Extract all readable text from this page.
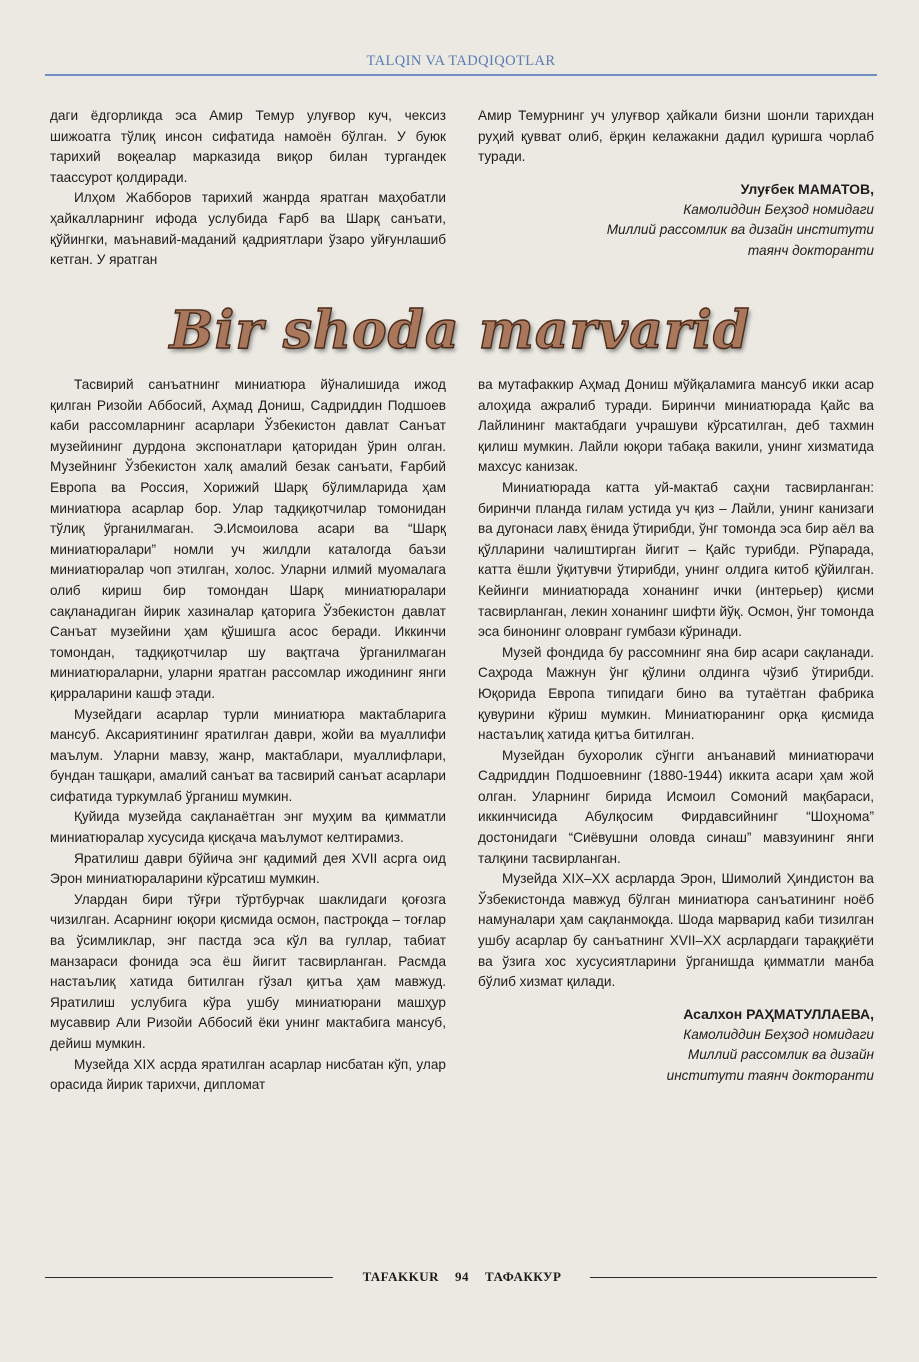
TALQIN VA TADQIQOTLAR

даги ёдгорликда эса Амир Темур улуғвор куч, чексиз шижоатга тўлиқ инсон сифатида намоён бўлган. У буюк тарихий воқеалар марказида виқор билан тургандек таассурот қолдиради.

Илҳом Жабборов тарихий жанрда яратган маҳобатли ҳайкалларнинг ифода услубида Ғарб ва Шарқ санъати, қўйингки, маънавий-маданий қадриятлари ўзаро уйғунлашиб кетган. У яратган

Амир Темурнинг уч улуғвор ҳайкали бизни шонли тарихдан руҳий қувват олиб, ёрқин келажакни дадил қуришга чорлаб туради.

Улуғбек МАМАТОВ,
Камолиддин Беҳзод номидаги
Миллий рассомлик ва дизайн институти
таянч докторанти
Bir shoda marvarid

Тасвирий санъатнинг миниатюра йўналишида ижод қилган Ризойи Аббосий, Аҳмад Дониш, Садриддин Подшоев каби рассомларнинг асарлари Ўзбекистон давлат Санъат музейининг дурдона экспонатлари қаторидан ўрин олган. Музейнинг Ўзбекистон халқ амалий безак санъати, Ғарбий Европа ва Россия, Хорижий Шарқ бўлимларида ҳам миниатюра асарлар бор. Улар тадқиқотчилар томонидан тўлиқ ўрганилмаган. Э.Исмоилова асари ва “Шарқ миниатюралари” номли уч жилдли каталогда баъзи миниатюралар чоп этилган, холос. Уларни илмий муомалага олиб кириш бир томондан Шарқ миниатюралари сақланадиган йирик хазиналар қаторига Ўзбекистон давлат Санъат музейини ҳам қўшишга асос беради. Иккинчи томондан, тадқиқотчилар шу вақтгача ўрганилмаган миниатюраларни, уларни яратган рассомлар ижодининг янги қирраларини кашф этади.

Музейдаги асарлар турли миниатюра мактабларига мансуб. Аксариятининг яратилган даври, жойи ва муаллифи маълум. Уларни мавзу, жанр, мактаблари, муаллифлари, бундан ташқари, амалий санъат ва тасвирий санъат асарлари сифатида туркумлаб ўрганиш мумкин.

Қуйида музейда сақланаётган энг муҳим ва қимматли миниатюралар хусусида қисқача маълумот келтирамиз.

Яратилиш даври бўйича энг қадимий дея XVII асрга оид Эрон миниатюраларини кўрсатиш мумкин.

Улардан бири тўғри тўртбурчак шаклидаги қоғозга чизилган. Асарнинг юқори қисмида осмон, пастроқда – тоғлар ва ўсимликлар, энг пастда эса кўл ва гуллар, табиат манзараси фонида эса ёш йигит тасвирланган. Расмда настаълиқ хатида битилган гўзал қитъа ҳам мавжуд. Яратилиш услубига кўра ушбу миниатюрани машҳур мусаввир Али Ризойи Аббосий ёки унинг мактабига мансуб, дейиш мумкин.

Музейда XIX асрда яратилган асарлар нисбатан кўп, улар орасида йирик тарихчи, дипломат

ва мутафаккир Аҳмад Дониш мўйқаламига мансуб икки асар алоҳида ажралиб туради. Биринчи миниатюрада Қайс ва Лайлининг мактабдаги учрашуви кўрсатилган, деб тахмин қилиш мумкин. Лайли юқори табақа вакили, унинг хизматида махсус канизак.

Миниатюрада катта уй-мактаб саҳни тасвирланган: биринчи планда гилам устида уч қиз – Лайли, унинг канизаги ва дугонаси лавҳ ёнида ўтирибди, ўнг томонда эса бир аёл ва қўлларини чалиштирган йигит – Қайс турибди. Рўпарада, катта ёшли ўқитувчи ўтирибди, унинг олдига китоб қўйилган. Кейинги миниатюрада хонанинг ички (интерьер) қисми тасвирланган, лекин хонанинг шифти йўқ. Осмон, ўнг томонда эса бинонинг оловранг гумбази кўринади.

Музей фондида бу рассомнинг яна бир асари сақланади. Саҳрода Мажнун ўнг қўлини олдинга чўзиб ўтирибди. Юқорида Европа типидаги бино ва тутаётган фабрика қувурини кўриш мумкин. Миниатюранинг орқа қисмида настаълиқ хатида қитъа битилган.

Музейдан бухоролик сўнгги анъанавий миниатюрачи Садриддин Подшоевнинг (1880-1944) иккита асари ҳам жой олган. Уларнинг бирида Исмоил Сомоний мақбараси, иккинчисида Абулқосим Фирдавсийнинг “Шоҳнома” достонидаги “Сиёвушни оловда синаш” мавзуининг янги талқини тасвирланган.

Музейда XIX–XX асрларда Эрон, Шимолий Ҳиндистон ва Ўзбекистонда мавжуд бўлган миниатюра санъатининг ноёб намуналари ҳам сақланмоқда. Шода марварид каби тизилган ушбу асарлар бу санъатнинг XVII–XX асрлардаги тараққиёти ва ўзига хос хусусиятларини ўрганишда қимматли манба бўлиб хизмат қилади.

Асалхон РАҲМАТУЛЛАЕВА,
Камолиддин Беҳзод номидаги
Миллий рассомлик ва дизайн
институти таянч докторанти
TAFAKKUR 94 ТАФАККУР
